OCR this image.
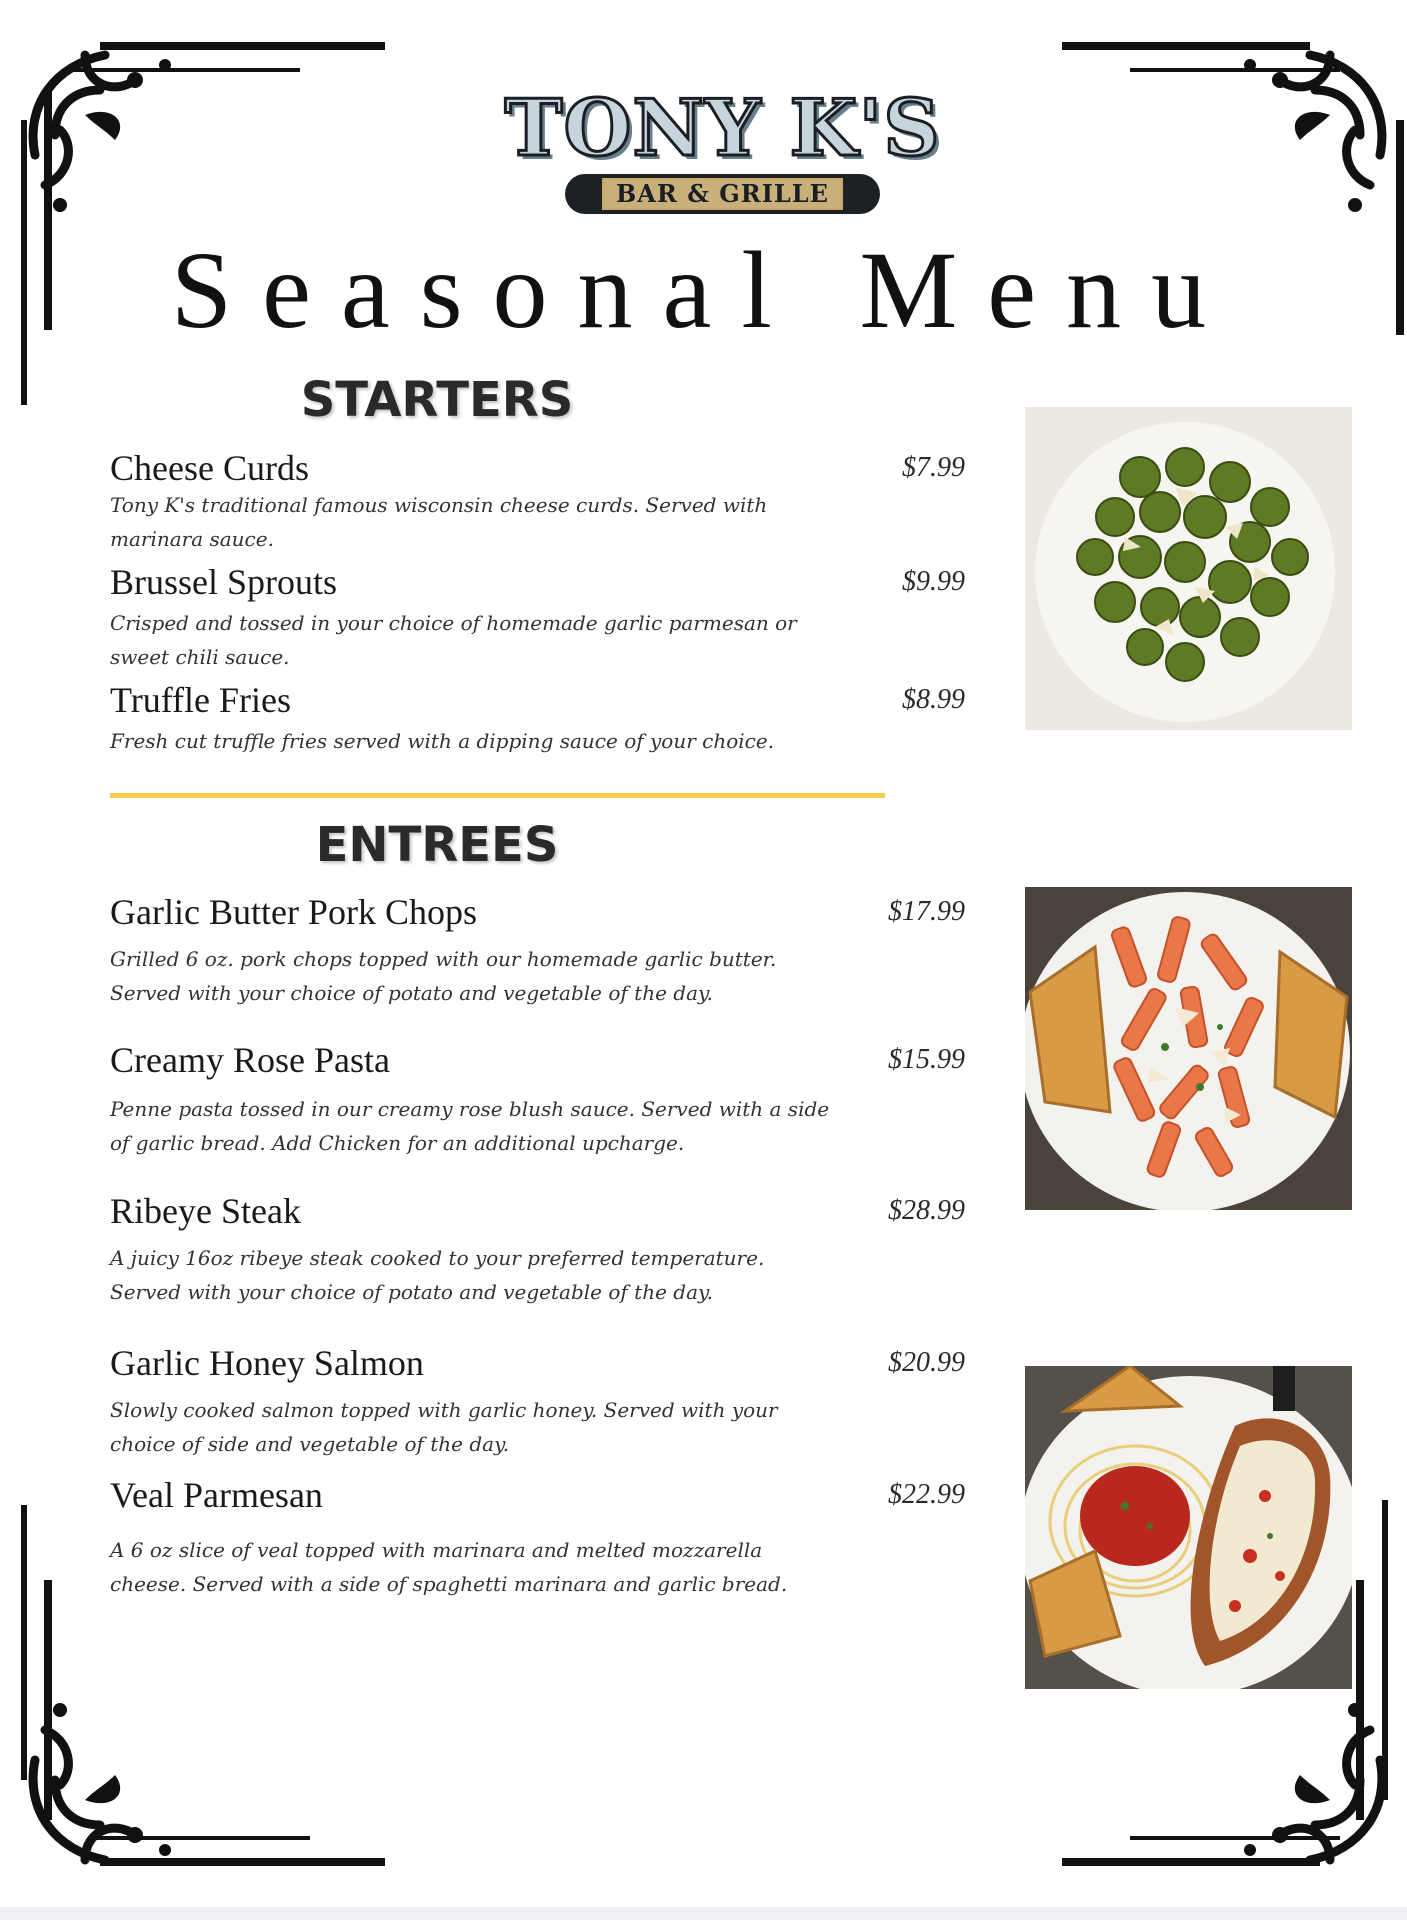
TONY K'S
BAR & GRILLE
Seasonal Menu
STARTERS
Cheese Curds	$7.99
Tony K's traditional famous wisconsin cheese curds. Served with marinara sauce.
Brussel Sprouts	$9.99
Crisped and tossed in your choice of homemade garlic parmesan or sweet chili sauce.
Truffle Fries	$8.99
Fresh cut truffle fries served with a dipping sauce of your choice.
ENTREES
Garlic Butter Pork Chops	$17.99
Grilled 6 oz. pork chops topped with our homemade garlic butter. Served with your choice of potato and vegetable of the day.
Creamy Rose Pasta	$15.99
Penne pasta tossed in our creamy rose blush sauce. Served with a side of garlic bread. Add Chicken for an additional upcharge.
Ribeye Steak	$28.99
A juicy 16oz ribeye steak cooked to your preferred temperature. Served with your choice of potato and vegetable of the day.
Garlic Honey Salmon	$20.99
Slowly cooked salmon topped with garlic honey. Served with your choice of side and vegetable of the day.
Veal Parmesan	$22.99
A 6 oz slice of veal topped with marinara and melted mozzarella cheese. Served with a side of spaghetti marinara and garlic bread.
